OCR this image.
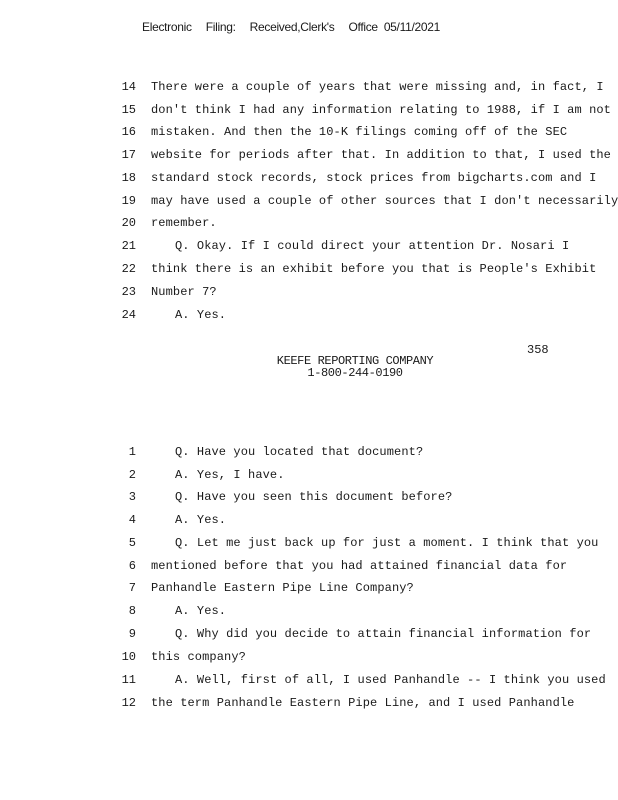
Electronic Filing: Received,Clerk's Office 05/11/2021
14 There were a couple of years that were missing and, in fact, I
15 don't think I had any information relating to 1988, if I am not
16 mistaken. And then the 10-K filings coming off of the SEC
17 website for periods after that. In addition to that, I used the
18 standard stock records, stock prices from bigcharts.com and I
19 may have used a couple of other sources that I don't necessarily
20 remember.
21	Q. Okay. If I could direct your attention Dr. Nosari I
22 think there is an exhibit before you that is People's Exhibit
23 Number 7?
24	A. Yes.
358
KEEFE REPORTING COMPANY
1-800-244-0190
1	Q. Have you located that document?
2	A. Yes, I have.
3	Q. Have you seen this document before?
4	A. Yes.
5	Q. Let me just back up for just a moment. I think that you
6 mentioned before that you had attained financial data for
7 Panhandle Eastern Pipe Line Company?
8	A. Yes.
9	Q. Why did you decide to attain financial information for
10 this company?
11	A. Well, first of all, I used Panhandle -- I think you used
12 the term Panhandle Eastern Pipe Line, and I used Panhandle
